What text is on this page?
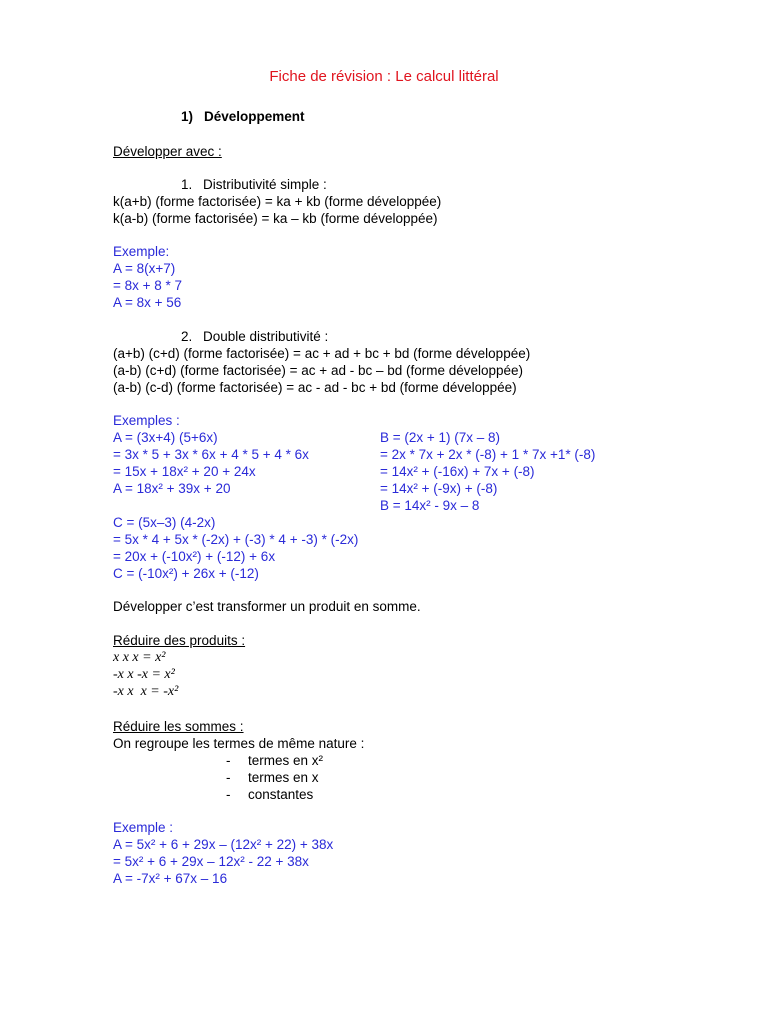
Fiche de révision : Le calcul littéral
1) Développement
Développer avec :
1. Distributivité simple :
k(a+b) (forme factorisée) = ka + kb (forme développée)
k(a-b) (forme factorisée) = ka – kb (forme développée)
Exemple:
A = 8(x+7)
= 8x + 8 * 7
A = 8x + 56
2. Double distributivité :
(a+b) (c+d) (forme factorisée) = ac + ad + bc + bd (forme développée)
(a-b) (c+d) (forme factorisée) = ac + ad - bc – bd (forme développée)
(a-b) (c-d) (forme factorisée) = ac - ad - bc + bd (forme développée)
Exemples :
A = (3x+4) (5+6x)
= 3x * 5 + 3x * 6x + 4 * 5 + 4 * 6x
= 15x + 18x² + 20 + 24x
A = 18x² + 39x + 20
B = (2x + 1) (7x – 8)
= 2x * 7x + 2x * (-8) + 1 * 7x +1* (-8)
= 14x² + (-16x) + 7x + (-8)
= 14x² + (-9x) + (-8)
B = 14x² - 9x – 8
C = (5x–3) (4-2x)
= 5x * 4 + 5x * (-2x) + (-3) * 4 + -3) * (-2x)
= 20x + (-10x²) + (-12) + 6x
C = (-10x²) + 26x + (-12)
Développer c’est transformer un produit en somme.
Réduire des produits :
x x x = x²
-x x -x = x²
-x x  x = -x²
Réduire les sommes :
On regroupe les termes de même nature :
- termes en x²
- termes en x
- constantes
Exemple :
A = 5x² + 6 + 29x – (12x² + 22) + 38x
= 5x² + 6 + 29x – 12x² - 22 + 38x
A = -7x² + 67x – 16
